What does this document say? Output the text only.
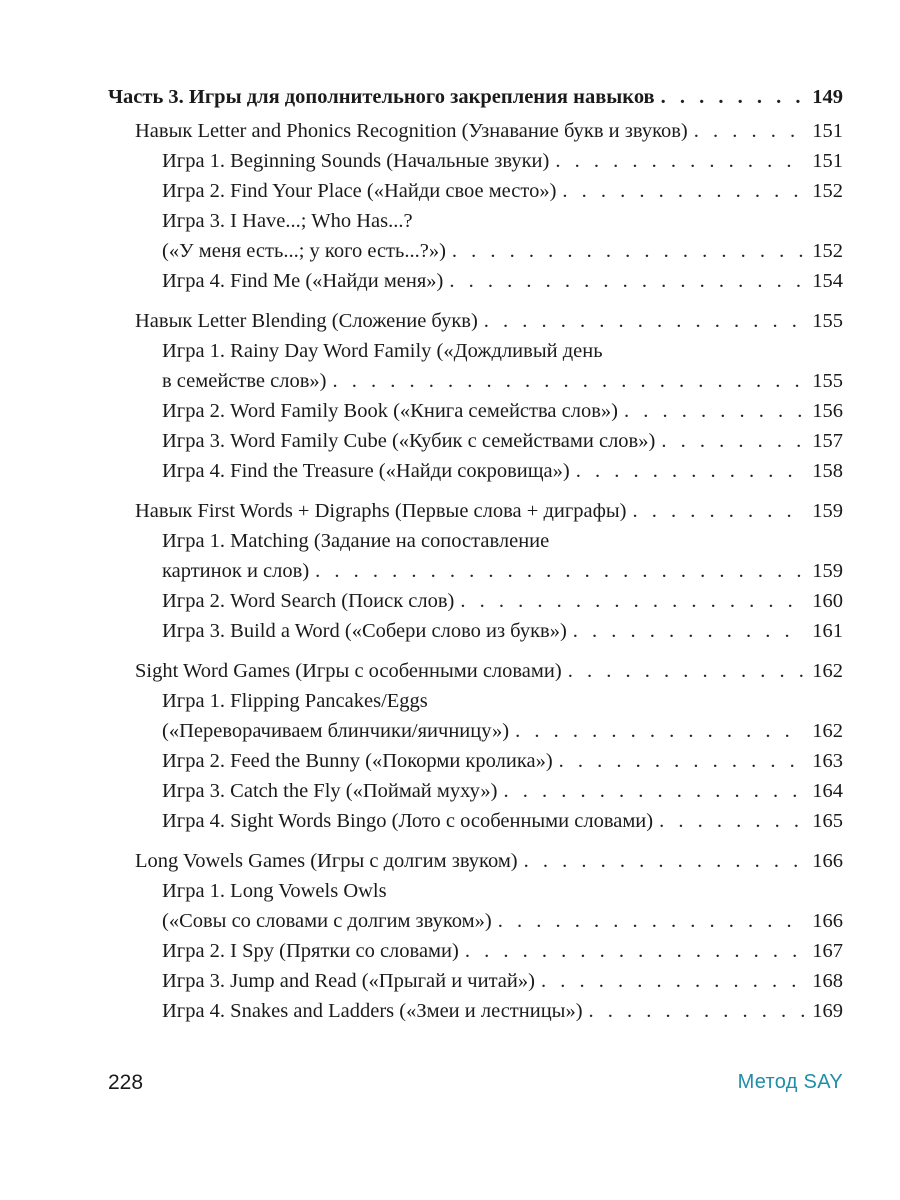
Часть 3. Игры для дополнительного закрепления навыков . . .	149
Навык Letter and Phonics Recognition (Узнавание букв и звуков) . . .	151
Игра 1. Beginning Sounds (Начальные звуки) . . .	151
Игра 2. Find Your Place («Найди свое место») . . .	152
Игра 3. I Have...; Who Has...?
(«У меня есть...; у кого есть...?») . . .	152
Игра 4. Find Me («Найди меня») . . .	154
Навык Letter Blending (Сложение букв) . . .	155
Игра 1. Rainy Day Word Family («Дождливый день
в семействе слов») . . .	155
Игра 2. Word Family Book («Книга семейства слов») . . .	156
Игра 3. Word Family Cube («Кубик с семействами слов») . . .	157
Игра 4. Find the Treasure («Найди сокровища») . . .	158
Навык First Words + Digraphs (Первые слова + диграфы) . . .	159
Игра 1. Matching (Задание на сопоставление
картинок и слов) . . .	159
Игра 2. Word Search (Поиск слов) . . .	160
Игра 3. Build a Word («Собери слово из букв») . . .	161
Sight Word Games (Игры с особенными словами) . . .	162
Игра 1. Flipping Pancakes/Eggs
(«Переворачиваем блинчики/яичницу») . . .	162
Игра 2. Feed the Bunny («Покорми кролика») . . .	163
Игра 3. Catch the Fly («Поймай муху») . . .	164
Игра 4. Sight Words Bingo (Лото с особенными словами) . . .	165
Long Vowels Games (Игры с долгим звуком) . . .	166
Игра 1. Long Vowels Owls
(«Совы со словами с долгим звуком») . . .	166
Игра 2. I Spy (Прятки со словами) . . .	167
Игра 3. Jump and Read («Прыгай и читай») . . .	168
Игра 4. Snakes and Ladders («Змеи и лестницы») . . .	169
228	Метод SAY
